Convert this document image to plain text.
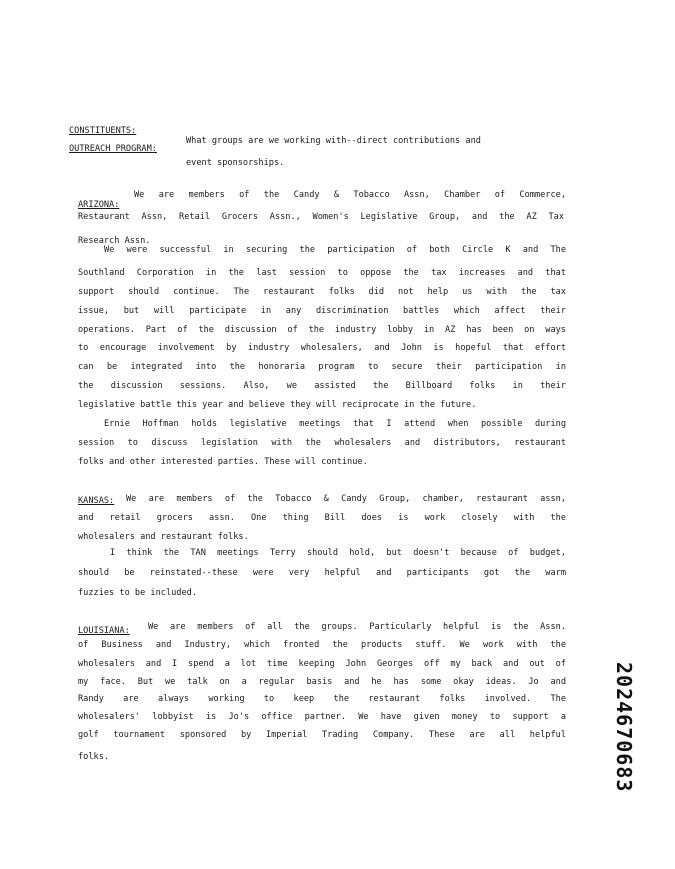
CONSTITUENTS:
OUTREACH PROGRAM:
What groups are we working with--direct contributions and
event sponsorships.
ARIZONA:
We are members of the Candy & Tobacco Assn, Chamber of Commerce,
Restaurant Assn, Retail Grocers Assn., Women's Legislative Group, and the AZ Tax
Research Assn.
We were successful in securing the participation of both Circle K and The
Southland Corporation in the last session to oppose the tax increases and that
support should continue. The restaurant folks did not help us with the tax
issue, but will participate in any discrimination battles which affect their
operations. Part of the discussion of the industry lobby in AZ has been on ways
to encourage involvement by industry wholesalers, and John is hopeful that effort
can be integrated into the honoraria program to secure their participation in
the discussion sessions. Also, we assisted the Billboard folks in their
legislative battle this year and believe they will reciprocate in the future.
Ernie Hoffman holds legislative meetings that I attend when possible during
session to discuss legislation with the wholesalers and distributors, restaurant
folks and other interested parties. These will continue.
KANSAS: We are members of the Tobacco & Candy Group, chamber, restaurant assn,
and retail grocers assn. One thing Bill does is work closely with the
wholesalers and restaurant folks.
I think the TAN meetings Terry should hold, but doesn't because of budget,
should be reinstated--these were very helpful and participants got the warm
fuzzies to be included.
LOUISIANA: We are members of all the groups. Particularly helpful is the Assn.
of Business and Industry, which fronted the products stuff. We work with the
wholesalers and I spend a lot time keeping John Georges off my back and out of
my face. But we talk on a regular basis and he has some okay ideas. Jo and
Randy are always working to keep the restaurant folks involved. The
wholesalers' lobbyist is Jo's office partner. We have given money to support a
golf tournament sponsored by Imperial Trading Company. These are all helpful
folks.	2024670683
